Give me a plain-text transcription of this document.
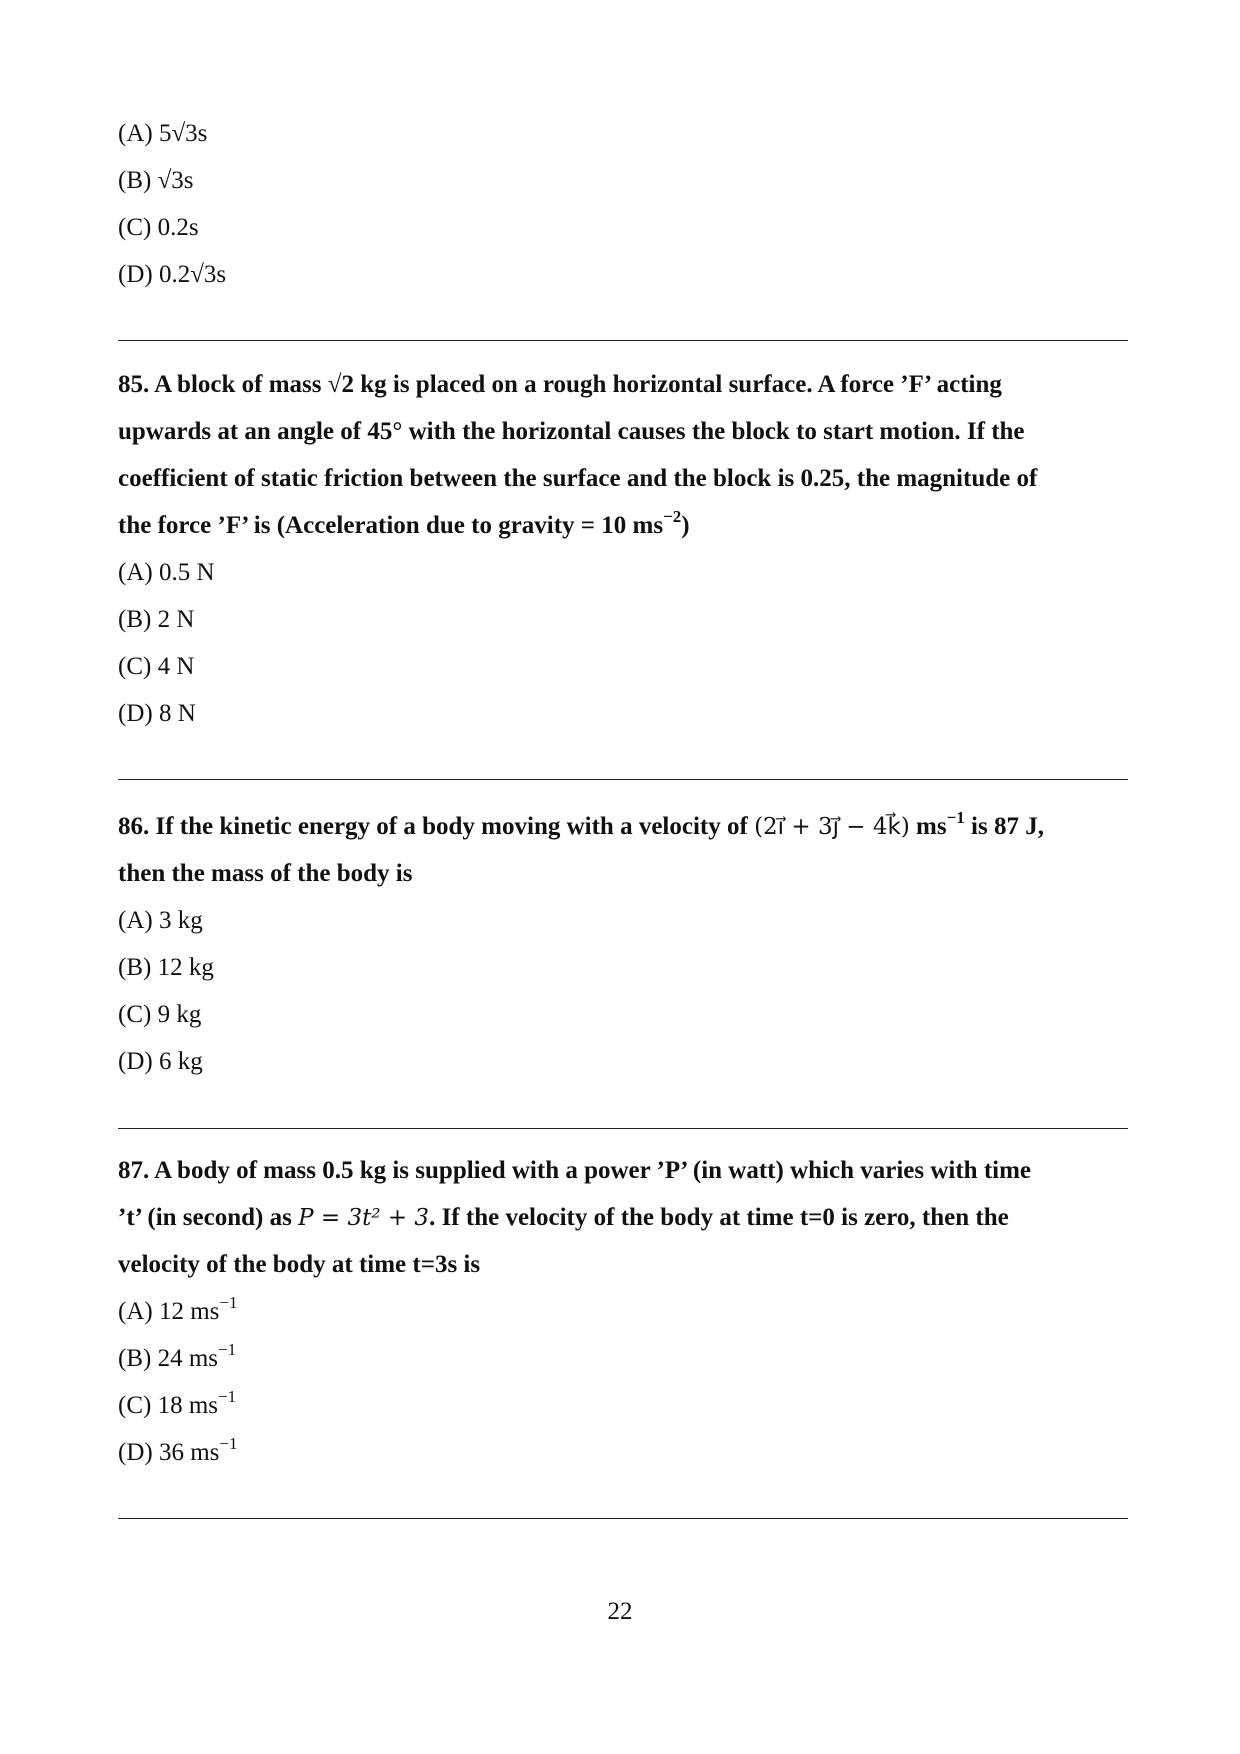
(A) 5√3s
(B) √3s
(C) 0.2s
(D) 0.2√3s
85. A block of mass √2 kg is placed on a rough horizontal surface. A force ’F’ acting
upwards at an angle of 45° with the horizontal causes the block to start motion. If the
coefficient of static friction between the surface and the block is 0.25, the magnitude of
the force ’F’ is (Acceleration due to gravity = 10 $ms^{-2}$)
(A) 0.5 N
(B) 2 N
(C) 4 N
(D) 8 N
86. If the kinetic energy of a body moving with a velocity of (2i⃗ + 3j⃗ − 4k⃗) $ms^{-1}$ is 87 J,
then the mass of the body is
(A) 3 kg
(B) 12 kg
(C) 9 kg
(D) 6 kg
87. A body of mass 0.5 kg is supplied with a power ’P’ (in watt) which varies with time
’t’ (in second) as P = 3t² + 3. If the velocity of the body at time t=0 is zero, then the
velocity of the body at time t=3s is
(A) 12 $ms^{-1}$
(B) 24 $ms^{-1}$
(C) 18 $ms^{-1}$
(D) 36 $ms^{-1}$
22
